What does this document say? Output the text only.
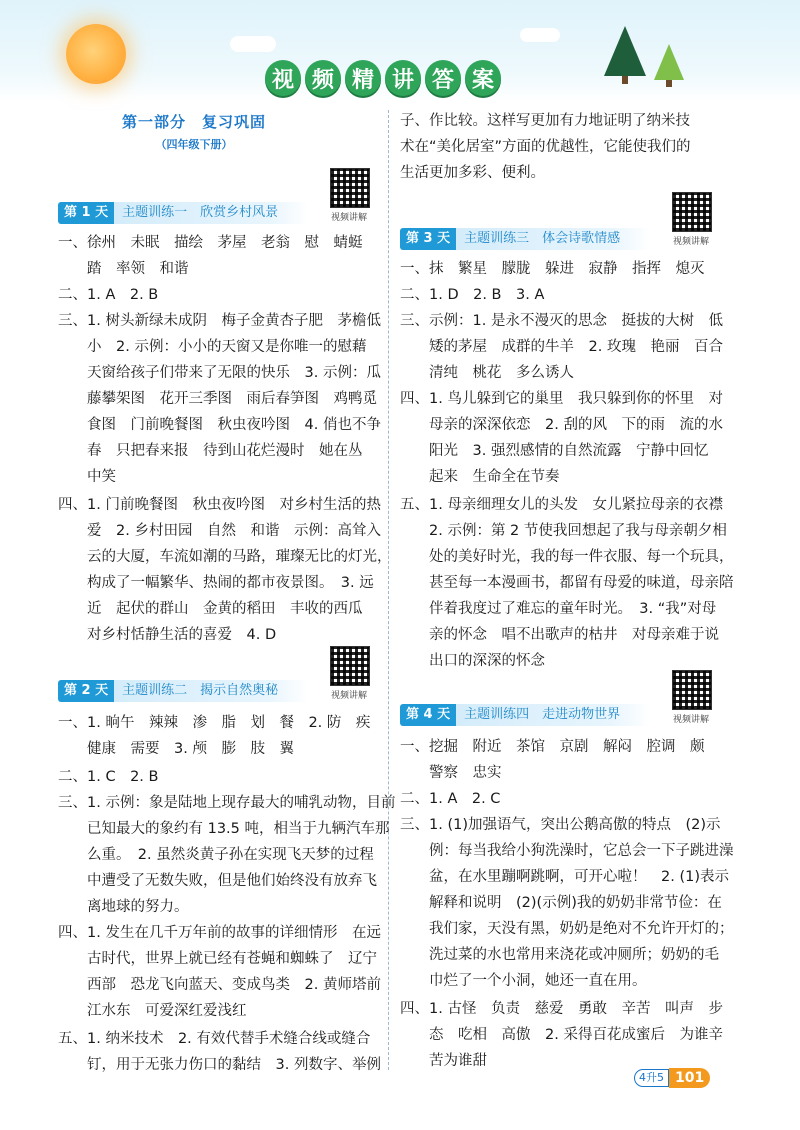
视 频 精 讲 答 案
第一部分　复习巩固
（四年级下册）
第 1 天	主题训练一　欣赏乡村风景	视频讲解
第 2 天	主题训练二　揭示自然奥秘	视频讲解
第 3 天	主题训练三　体会诗歌情感	视频讲解
第 4 天	主题训练四　走进动物世界	视频讲解
一、徐州　未眠　描绘　茅屋　老翁　慰　蜻蜓
　　踏　率领　和谐
二、1. A　2. B
三、1. 树头新绿未成阴　梅子金黄杏子肥　茅檐低
　　小　2. 示例：小小的天窗又是你唯一的慰藉
　　天窗给孩子们带来了无限的快乐　3. 示例：瓜
　　藤攀架图　花开三季图　雨后春笋图　鸡鸭觅
　　食图　门前晚餐图　秋虫夜吟图　4. 俏也不争
　　春　只把春来报　待到山花烂漫时　她在丛
　　中笑
四、1. 门前晚餐图　秋虫夜吟图　对乡村生活的热
　　爱　2. 乡村田园　自然　和谐　示例：高耸入
　　云的大厦，车流如潮的马路，璀璨无比的灯光，
　　构成了一幅繁华、热闹的都市夜景图。　3. 远
　　近　起伏的群山　金黄的稻田　丰收的西瓜
　　对乡村恬静生活的喜爱　4. D
一、1. 晌午　辣辣　渗　脂　划　餐　2. 防　疾
　　健康　需要　3. 颅　膨　肢　翼
二、1. C　2. B
三、1. 示例：象是陆地上现存最大的哺乳动物，目前
　　已知最大的象约有 13.5 吨，相当于九辆汽车那
　　么重。　2. 虽然炎黄子孙在实现飞天梦的过程
　　中遭受了无数失败，但是他们始终没有放弃飞
　　离地球的努力。
四、1. 发生在几千万年前的故事的详细情形　在远
　　古时代，世界上就已经有苍蝇和蜘蛛了　辽宁
　　西部　恐龙飞向蓝天、变成鸟类　2. 黄师塔前
　　江水东　可爱深红爱浅红
五、1. 纳米技术　2. 有效代替手术缝合线或缝合
　　钉，用于无张力伤口的黏结　3. 列数字、举例
子、作比较。这样写更加有力地证明了纳米技
术在“美化居室”方面的优越性，它能使我们的
生活更加多彩、便利。
一、抹　繁星　朦胧　躲进　寂静　指挥　熄灭
二、1. D　2. B　3. A
三、示例：1. 是永不漫灭的思念　挺拔的大树　低
　　矮的茅屋　成群的牛羊　2. 玫瑰　艳丽　百合
　　清纯　桃花　多么诱人
四、1. 鸟儿躲到它的巢里　我只躲到你的怀里　对
　　母亲的深深依恋　2. 刮的风　下的雨　流的水
　　阳光　3. 强烈感情的自然流露　宁静中回忆
　　起来　生命全在节奏
五、1. 母亲细理女儿的头发　女儿紧拉母亲的衣襟
　　2. 示例：第 2 节使我回想起了我与母亲朝夕相
　　处的美好时光，我的每一件衣服、每一个玩具，
　　甚至每一本漫画书，都留有母爱的味道，母亲陪
　　伴着我度过了难忘的童年时光。　3. “我”对母
　　亲的怀念　唱不出歌声的枯井　对母亲难于说
　　出口的深深的怀念
一、挖掘　附近　茶馆　京剧　解闷　腔调　颇
　　警察　忠实
二、1. A　2. C
三、1. (1)加强语气，突出公鹅高傲的特点　(2)示
　　例：每当我给小狗洗澡时，它总会一下子跳进澡
　　盆，在水里蹦啊跳啊，可开心啦！　2. (1)表示
　　解释和说明　(2)(示例)我的奶奶非常节俭：在
　　我们家，天没有黑，奶奶是绝对不允许开灯的；
　　洗过菜的水也常用来浇花或冲厕所；奶奶的毛
　　巾烂了一个小洞，她还一直在用。
四、1. 古怪　负责　慈爱　勇敢　辛苦　叫声　步
　　态　吃相　高傲　2. 采得百花成蜜后　为谁辛
　　苦为谁甜
4升5 101
